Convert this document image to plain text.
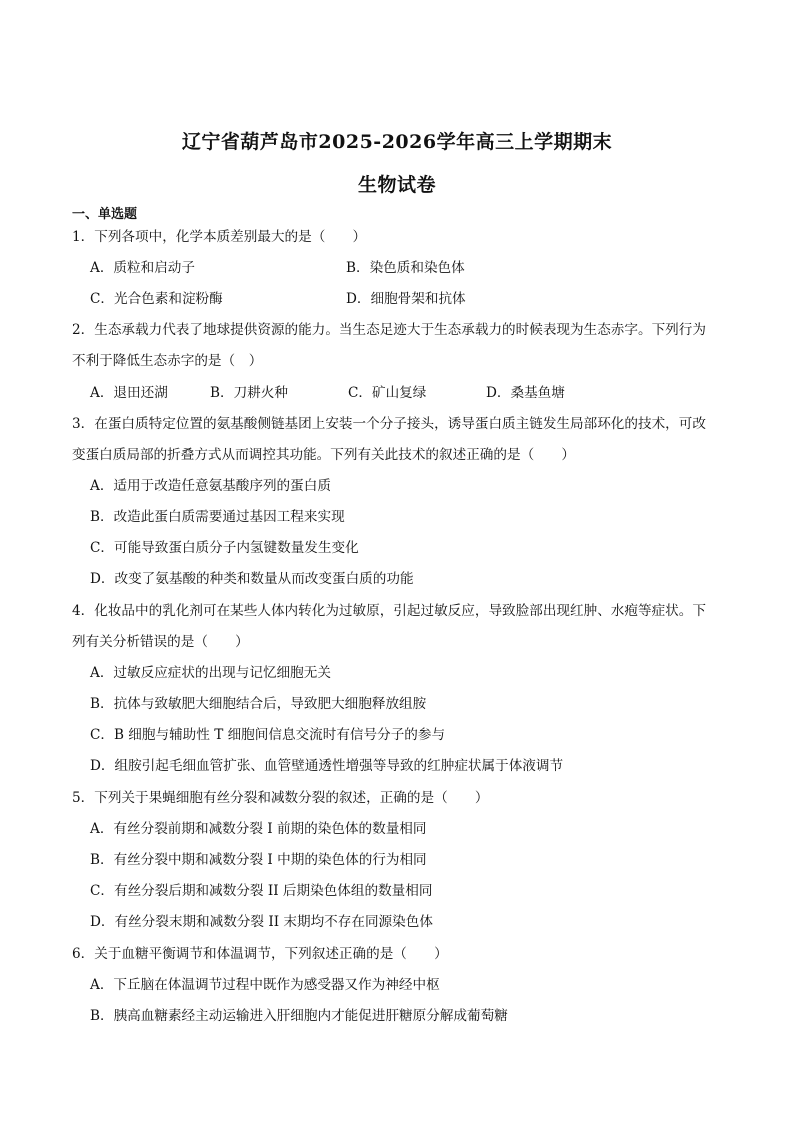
辽宁省葫芦岛市2025-2026学年高三上学期期末
生物试卷
一、单选题
1．下列各项中，化学本质差别最大的是（　　）
A．质粒和启动子	B．染色质和染色体
C．光合色素和淀粉酶	D．细胞骨架和抗体
2．生态承载力代表了地球提供资源的能力。当生态足迹大于生态承载力的时候表现为生态赤字。下列行为
不利于降低生态赤字的是（　）
A．退田还湖	B．刀耕火种	C．矿山复绿	D．桑基鱼塘
3．在蛋白质特定位置的氨基酸侧链基团上安装一个分子接头，诱导蛋白质主链发生局部环化的技术，可改
变蛋白质局部的折叠方式从而调控其功能。下列有关此技术的叙述正确的是（　　）
A．适用于改造任意氨基酸序列的蛋白质
B．改造此蛋白质需要通过基因工程来实现
C．可能导致蛋白质分子内氢键数量发生变化
D．改变了氨基酸的种类和数量从而改变蛋白质的功能
4．化妆品中的乳化剂可在某些人体内转化为过敏原，引起过敏反应，导致脸部出现红肿、水疱等症状。下
列有关分析错误的是（　　）
A．过敏反应症状的出现与记忆细胞无关
B．抗体与致敏肥大细胞结合后，导致肥大细胞释放组胺
C．B 细胞与辅助性 T 细胞间信息交流时有信号分子的参与
D．组胺引起毛细血管扩张、血管壁通透性增强等导致的红肿症状属于体液调节
5．下列关于果蝇细胞有丝分裂和减数分裂的叙述，正确的是（　　）
A．有丝分裂前期和减数分裂 I 前期的染色体的数量相同
B．有丝分裂中期和减数分裂 I 中期的染色体的行为相同
C．有丝分裂后期和减数分裂 II 后期染色体组的数量相同
D．有丝分裂末期和减数分裂 II 末期均不存在同源染色体
6．关于血糖平衡调节和体温调节，下列叙述正确的是（　　）
A．下丘脑在体温调节过程中既作为感受器又作为神经中枢
B．胰高血糖素经主动运输进入肝细胞内才能促进肝糖原分解成葡萄糖
